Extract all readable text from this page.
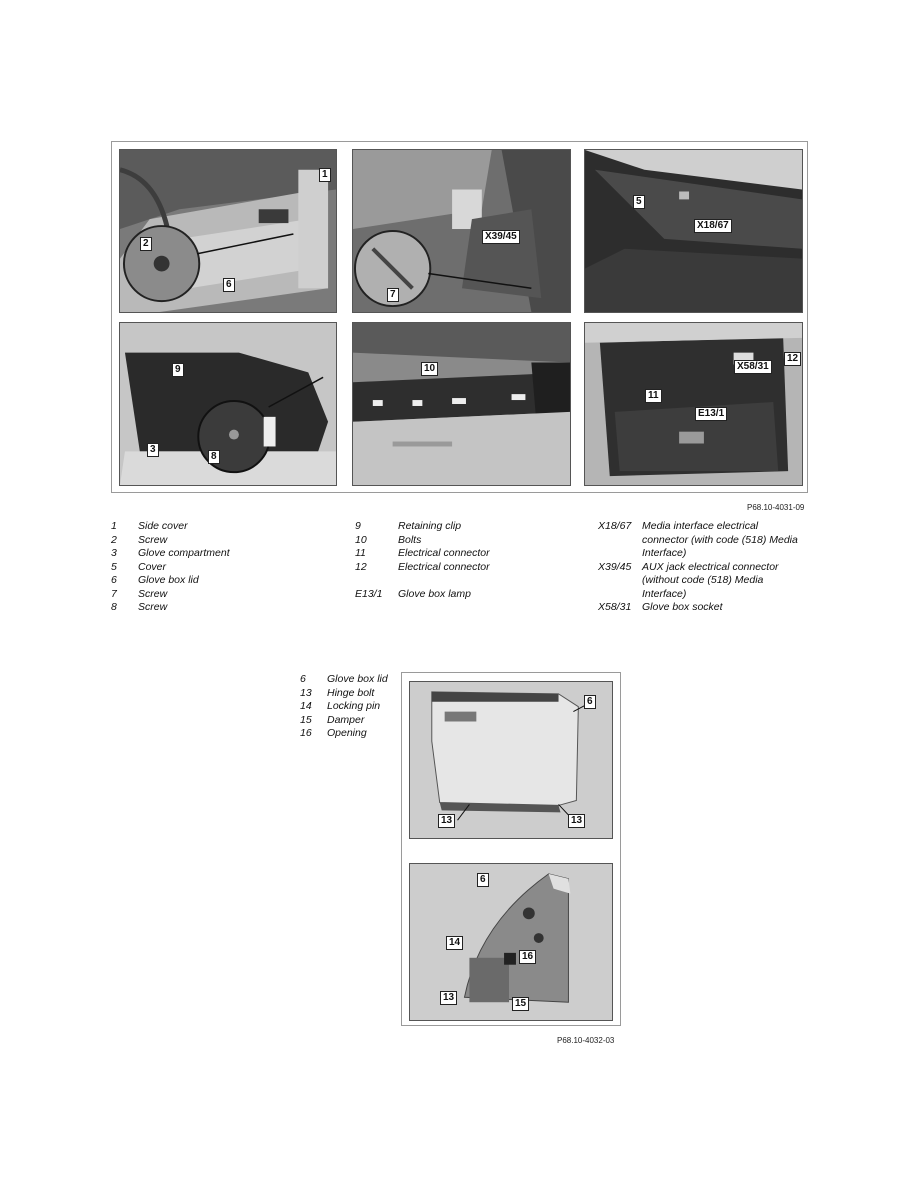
1
2
6
X39/45
7
5
X18/67
9
3
8
10
12
X58/31
11
E13/1
P68.10-4031-09
1	Side cover
2	Screw
3	Glove compartment
5	Cover
6	Glove box lid
7	Screw
8	Screw
9	Retaining clip
10	Bolts
11	Electrical connector
12	Electrical connector
E13/1	Glove box lamp
X18/67	Media interface electrical connector (with code (518) Media Interface)
X39/45	AUX jack electrical connector (without code (518) Media Interface)
X58/31	Glove box socket
6	Glove box lid
13	Hinge bolt
14	Locking pin
15	Damper
16	Opening
6
13	13
6
14
16
13
15
P68.10-4032-03
